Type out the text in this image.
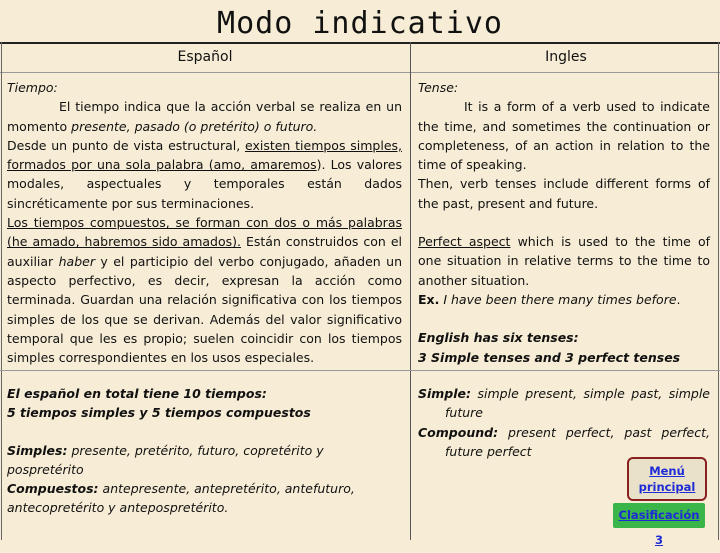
Modo indicativo
Español	Ingles
Tiempo:
El tiempo indica que la acción verbal se realiza en un momento presente, pasado (o pretérito) o futuro.
Desde un punto de vista estructural, existen tiempos simples, formados por una sola palabra (amo, amaremos). Los valores modales, aspectuales y temporales están dados sincréticamente por sus terminaciones.
Los tiempos compuestos, se forman con dos o más palabras (he amado, habremos sido amados). Están construidos con el auxiliar haber y el participio del verbo conjugado, añaden un aspecto perfectivo, es decir, expresan la acción como terminada. Guardan una relación significativa con los tiempos simples de los que se derivan. Además del valor significativo temporal que les es propio; suelen coincidir con los tiempos simples correspondientes en los usos especiales.
Tense:
It is a form of a verb used to indicate the time, and sometimes the continuation or completeness, of an action in relation to the time of speaking.
Then, verb tenses include different forms of the past, present and future.
Perfect aspect which is used to the time of one situation in relative terms to the time to another situation.
Ex. I have been there many times before.
English has six tenses:
3 Simple tenses and 3 perfect tenses
El español en total tiene 10 tiempos:
5 tiempos simples y 5 tiempos compuestos
Simples: presente, pretérito, futuro, copretérito y pospretérito
Compuestos: antepresente, antepretérito, antefuturo, antecopretérito y antepospretérito.
Simple: simple present, simple past, simple future
Compound: present perfect, past perfect, future perfect
Menú principal
Clasificación 3
